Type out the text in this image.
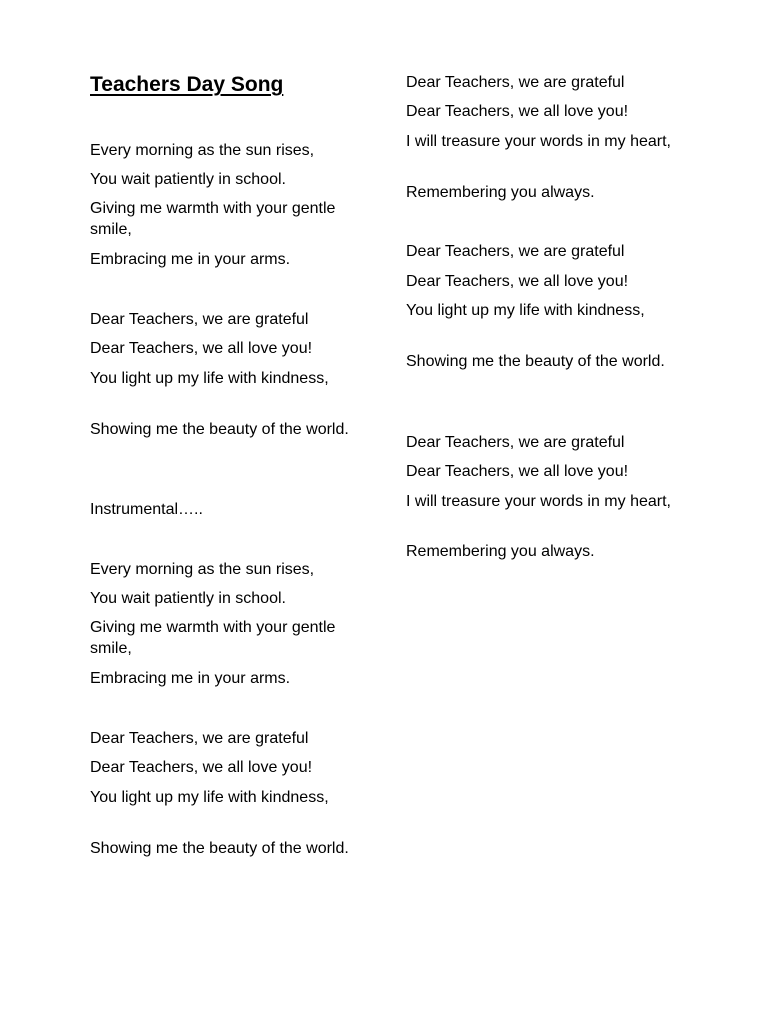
Teachers Day Song

Every morning as the sun rises,

You wait patiently in school.

Giving me warmth with your gentle smile,

Embracing me in your arms.

Dear Teachers, we are grateful

Dear Teachers, we all love you!

You light up my life with kindness,

Showing me the beauty of the world.

Instrumental…..

Every morning as the sun rises,

You wait patiently in school.

Giving me warmth with your gentle smile,

Embracing me in your arms.

Dear Teachers, we are grateful

Dear Teachers, we all love you!

You light up my life with kindness,

Showing me the beauty of the world.

Dear Teachers, we are grateful

Dear Teachers, we all love you!

I will treasure your words in my heart,

Remembering you always.

Dear Teachers, we are grateful

Dear Teachers, we all love you!

You light up my life with kindness,

Showing me the beauty of the world.

Dear Teachers, we are grateful

Dear Teachers, we all love you!

I will treasure your words in my heart,

Remembering you always.
